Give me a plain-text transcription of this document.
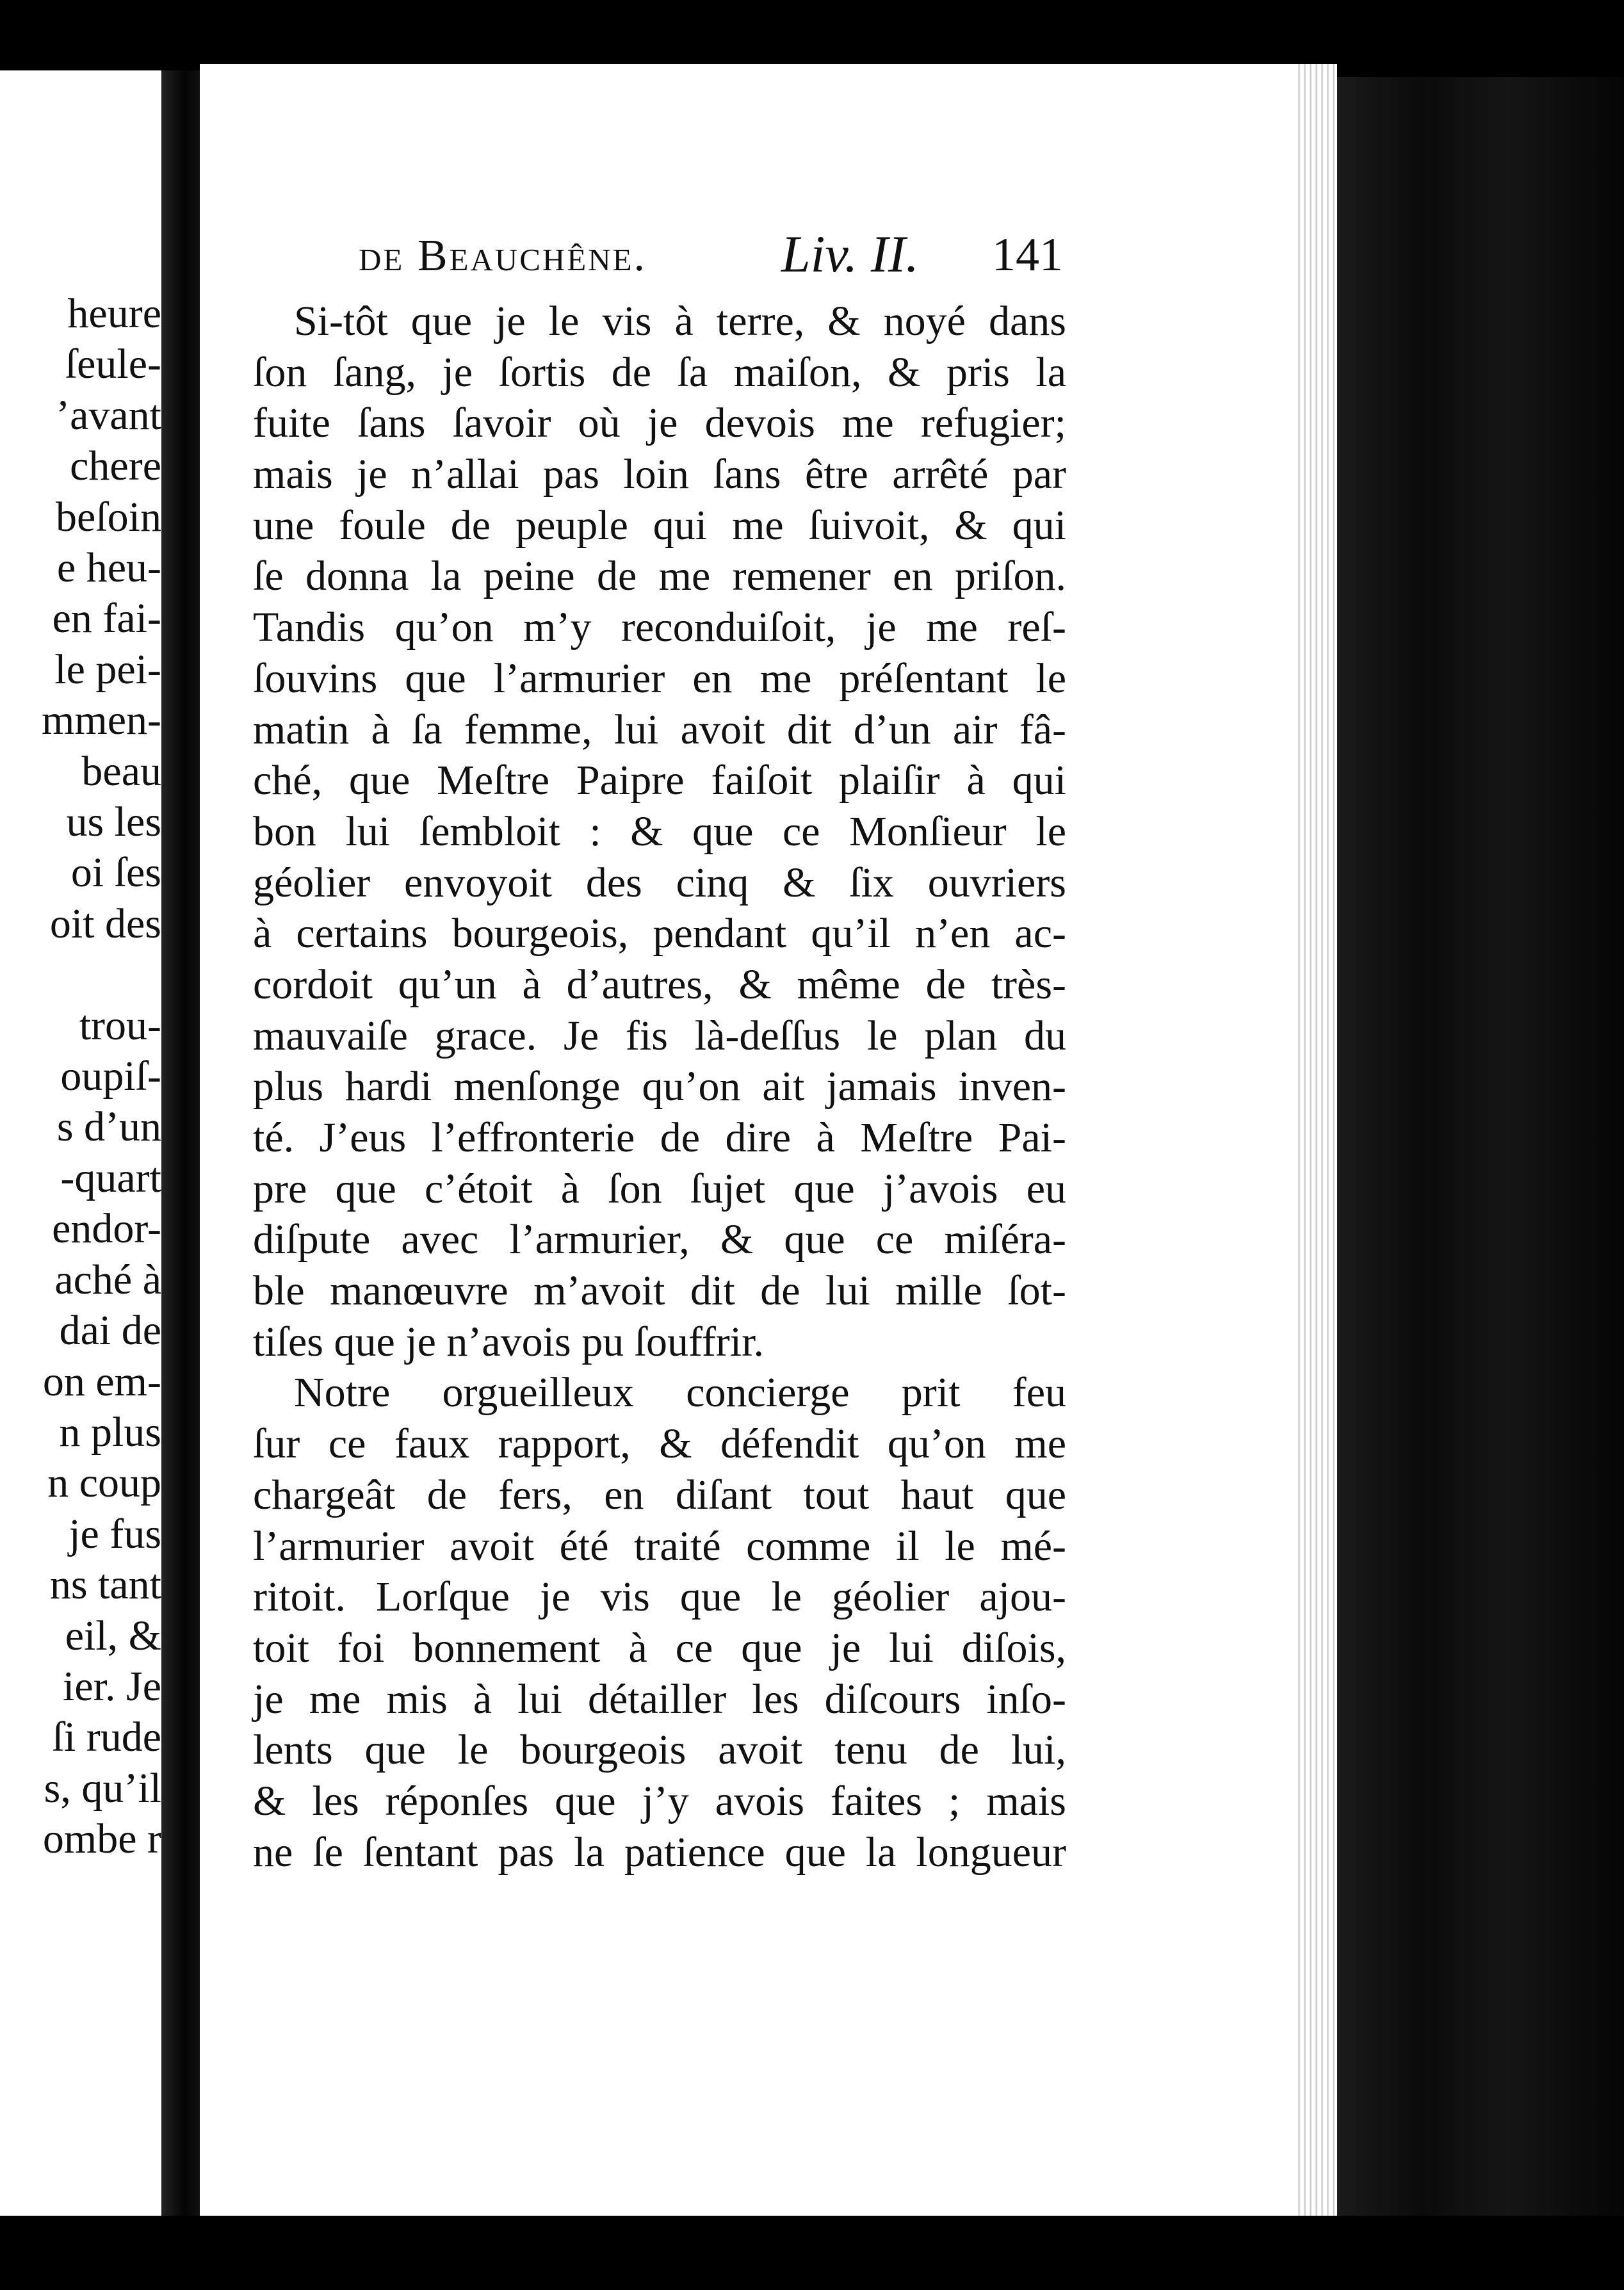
heure
ſeule-
’avant
chere
beſoin
e heu-
en fai-
le pei-
mmen-
beau
us les
oi ſes
oit des
trou-
oupiſ-
s d’un
-quart
endor-
aché à
dai de
on em-
n plus
n coup
je fus
ns tant
eil, &
ier. Je
ſi rude
s, qu’il
ombe r
de Beauchêne.	Liv. II. 141
Si-tôt que je le vis à terre, & noyé dans
ſon ſang, je ſortis de ſa maiſon, & pris la
fuite ſans ſavoir où je devois me refugier;
mais je n’allai pas loin ſans être arrêté par
une foule de peuple qui me ſuivoit, & qui
ſe donna la peine de me remener en priſon.
Tandis qu’on m’y reconduiſoit, je me reſ-
ſouvins que l’armurier en me préſentant le
matin à ſa femme, lui avoit dit d’un air fâ-
ché, que Meſtre Paipre faiſoit plaiſir à qui
bon lui ſembloit : & que ce Monſieur le
géolier envoyoit des cinq & ſix ouvriers
à certains bourgeois, pendant qu’il n’en ac-
cordoit qu’un à d’autres, & même de très-
mauvaiſe grace. Je fis là-deſſus le plan du
plus hardi menſonge qu’on ait jamais inven-
té. J’eus l’effronterie de dire à Meſtre Pai-
pre que c’étoit à ſon ſujet que j’avois eu
diſpute avec l’armurier, & que ce miſéra-
ble manœuvre m’avoit dit de lui mille ſot-
tiſes que je n’avois pu ſouffrir.
Notre orgueilleux concierge prit feu
ſur ce faux rapport, & défendit qu’on me
chargeât de fers, en diſant tout haut que
l’armurier avoit été traité comme il le mé-
ritoit. Lorſque je vis que le géolier ajou-
toit foi bonnement à ce que je lui diſois,
je me mis à lui détailler les diſcours inſo-
lents que le bourgeois avoit tenu de lui,
& les réponſes que j’y avois faites ; mais
ne ſe ſentant pas la patience que la longueur
